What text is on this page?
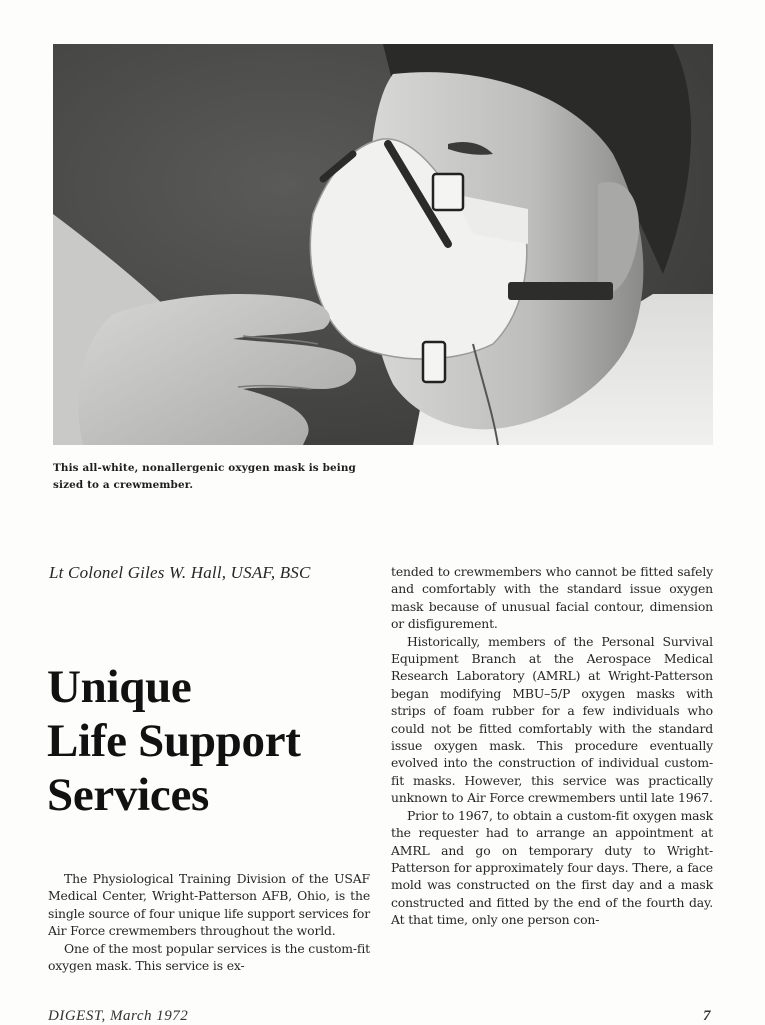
This all-white, nonallergenic oxygen mask is being sized to a crewmember.
Lt Colonel Giles W. Hall, USAF, BSC
Unique
Life Support
Services

The Physiological Training Division of the USAF Medical Center, Wright-Patterson AFB, Ohio, is the single source of four unique life support services for Air Force crewmembers throughout the world.

One of the most popular services is the custom-fit oxygen mask. This service is ex-

tended to crewmembers who cannot be fitted safely and comfortably with the standard issue oxygen mask because of unusual facial contour, dimension or disfigurement.

Historically, members of the Personal Survival Equipment Branch at the Aerospace Medical Research Laboratory (AMRL) at Wright-Patterson began modifying MBU–5/P oxygen masks with strips of foam rubber for a few individuals who could not be fitted comfortably with the standard issue oxygen mask. This procedure eventually evolved into the construction of individual custom-fit masks. However, this service was practically unknown to Air Force crewmembers until late 1967.

Prior to 1967, to obtain a custom-fit oxygen mask the requester had to arrange an appointment at AMRL and go on temporary duty to Wright-Patterson for approximately four days. There, a face mold was constructed on the first day and a mask constructed and fitted by the end of the fourth day. At that time, only one person con-

DIGEST, March 1972	7
